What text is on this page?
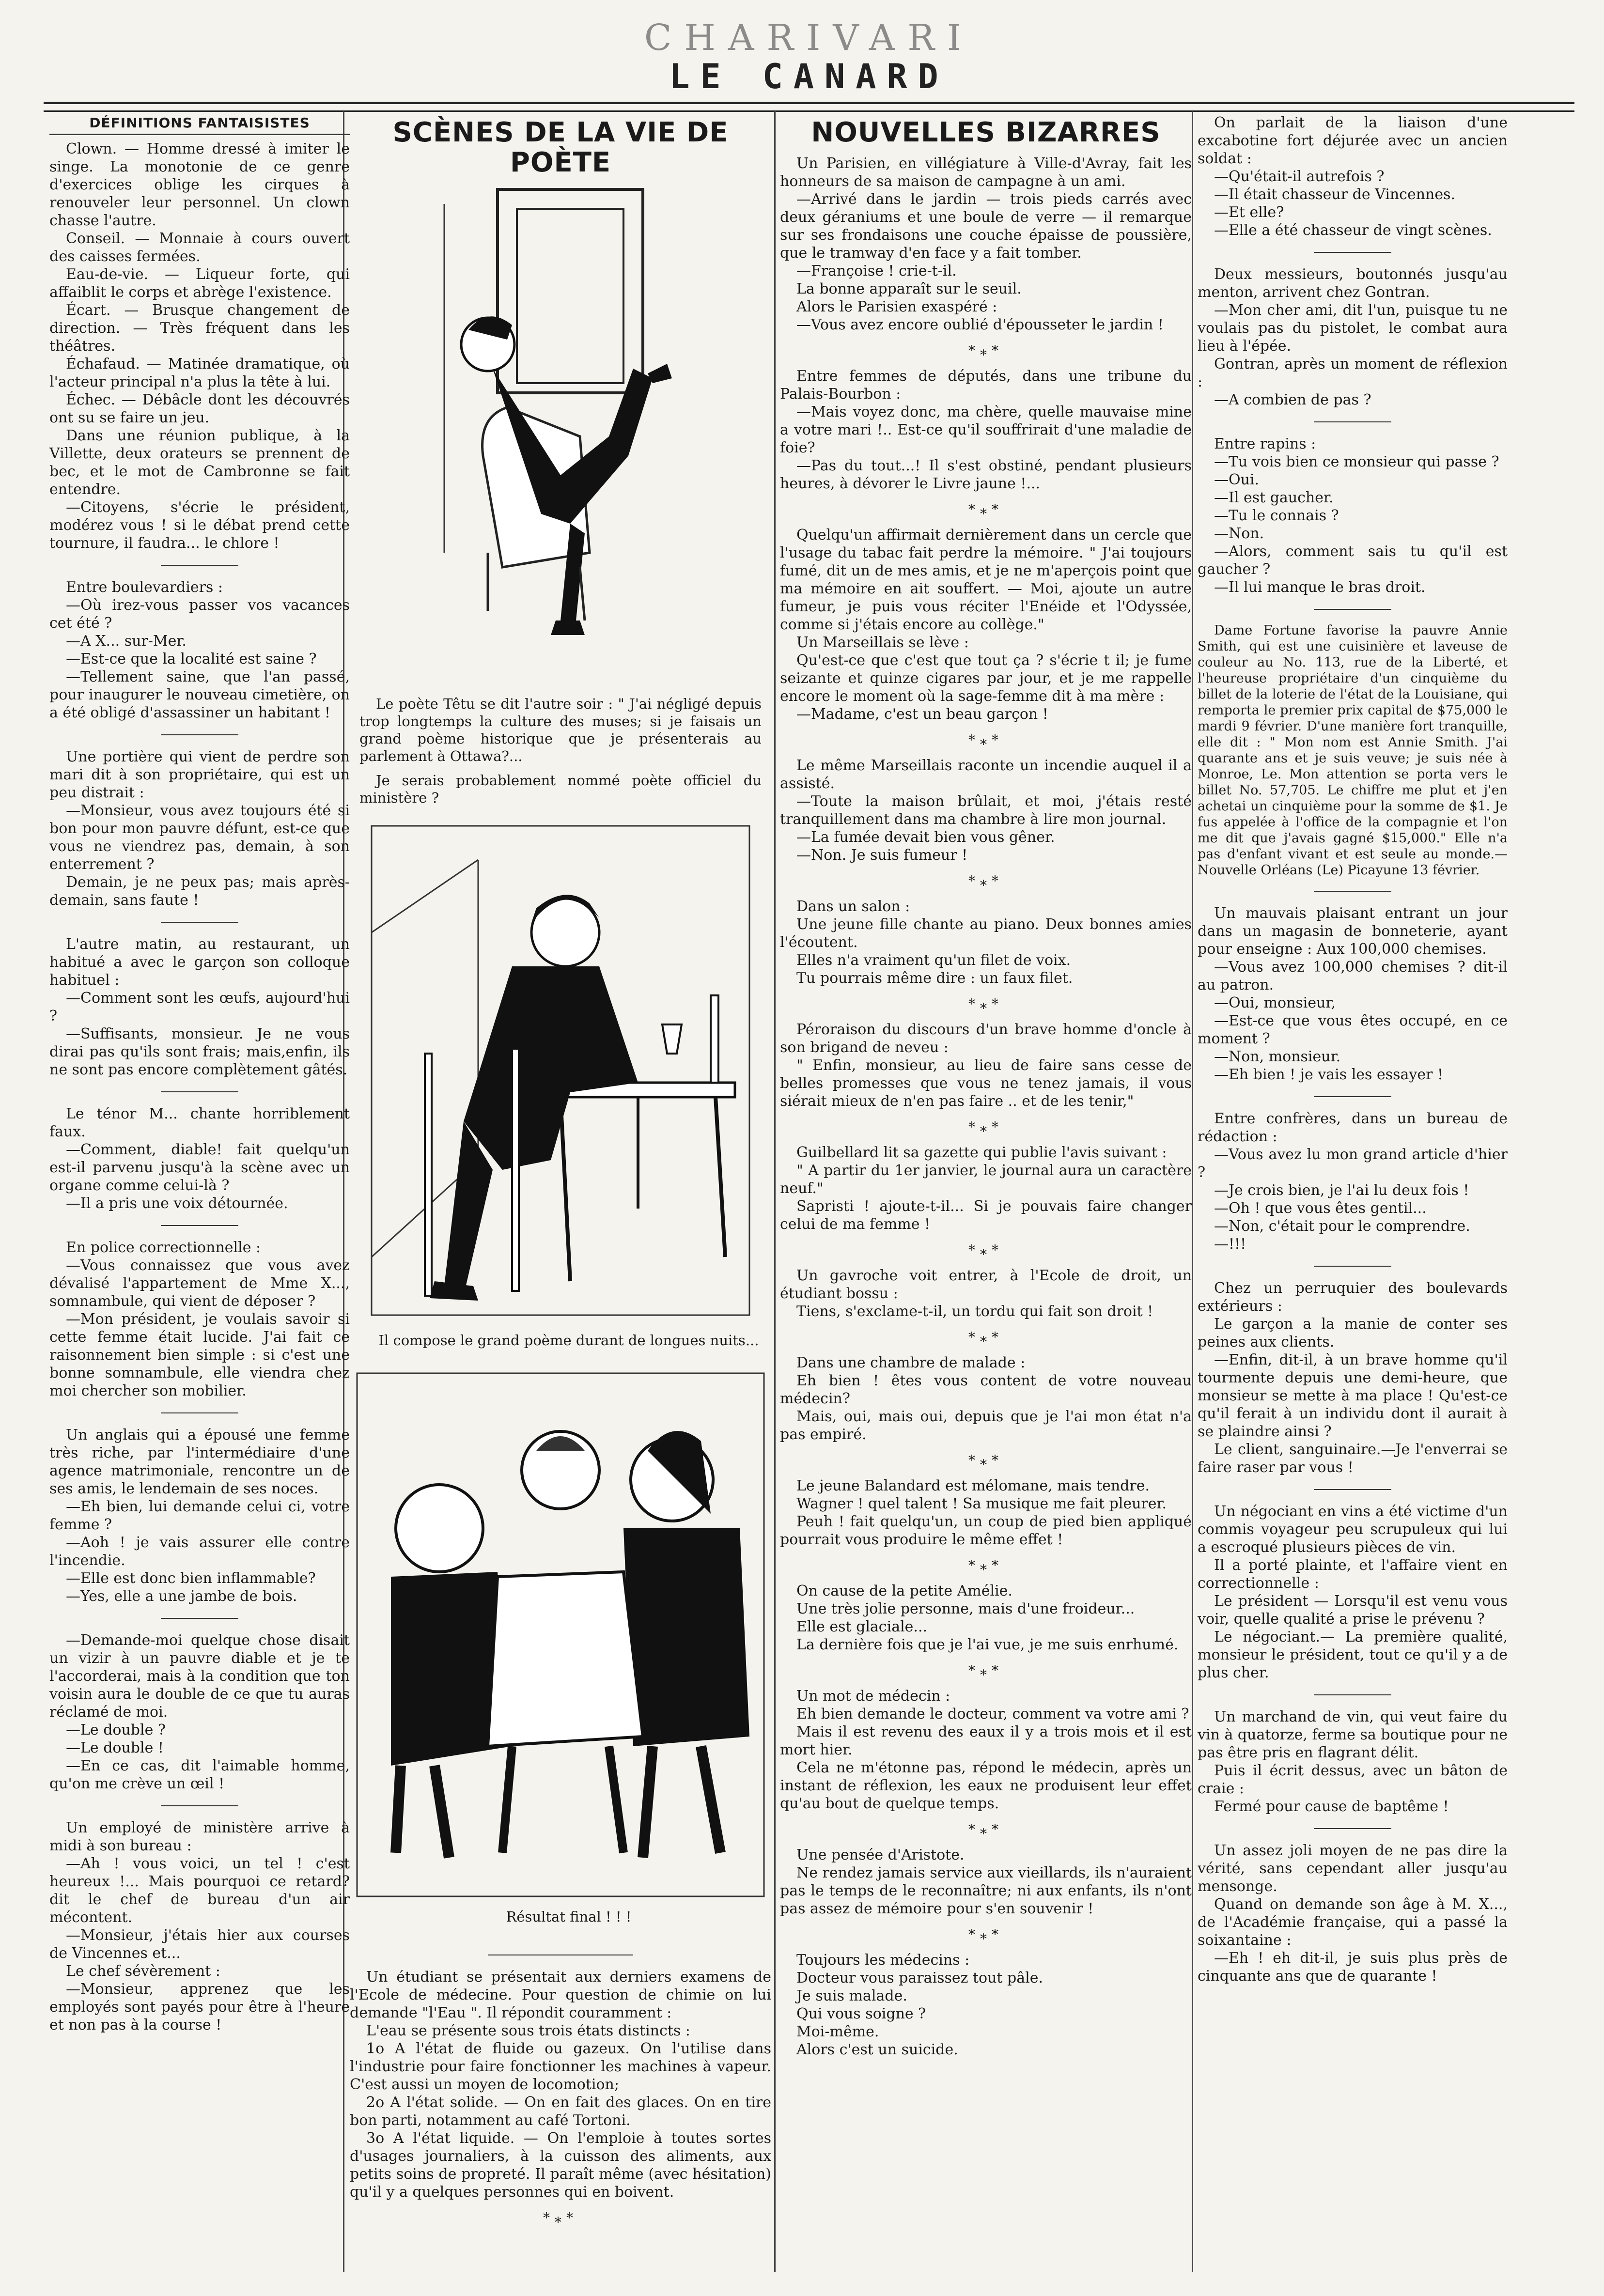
CHARIVARI
LE CANARD
DÉFINITIONS FANTAISISTES

Clown. — Homme dressé à imiter le singe. La monotonie de ce genre d'exercices oblige les cirques à renouveler leur personnel. Un clown chasse l'autre.

Conseil. — Monnaie à cours ouvert des caisses fermées.

Eau-de-vie. — Liqueur forte, qui affaiblit le corps et abrège l'existence.

Écart. — Brusque changement de direction. — Très fréquent dans les théâtres.

Échafaud. — Matinée dramatique, où l'acteur principal n'a plus la tête à lui.

Échec. — Débâcle dont les découvrés ont su se faire un jeu.

Dans une réunion publique, à la Villette, deux orateurs se prennent de bec, et le mot de Cambronne se fait entendre.

—Citoyens, s'écrie le président, modérez vous ! si le débat prend cette tournure, il faudra... le chlore !

Entre boulevardiers :

—Où irez-vous passer vos vacances cet été ?

—A X... sur-Mer.

—Est-ce que la localité est saine ?

—Tellement saine, que l'an passé, pour inaugurer le nouveau cimetière, on a été obligé d'assassiner un habitant !

Une portière qui vient de perdre son mari dit à son propriétaire, qui est un peu distrait :

—Monsieur, vous avez toujours été si bon pour mon pauvre défunt, est-ce que vous ne viendrez pas, demain, à son enterrement ?

Demain, je ne peux pas; mais après-demain, sans faute !

L'autre matin, au restaurant, un habitué a avec le garçon son colloque habituel :

—Comment sont les œufs, aujourd'hui ?

—Suffisants, monsieur. Je ne vous dirai pas qu'ils sont frais; mais,enfin, ils ne sont pas encore complètement gâtés.

Le ténor M... chante horriblement faux.

—Comment, diable! fait quelqu'un est-il parvenu jusqu'à la scène avec un organe comme celui-là ?

—Il a pris une voix détournée.

En police correctionnelle :

—Vous connaissez que vous avez dévalisé l'appartement de Mme X..., somnambule, qui vient de déposer ?

—Mon président, je voulais savoir si cette femme était lucide. J'ai fait ce raisonnement bien simple : si c'est une bonne somnambule, elle viendra chez moi chercher son mobilier.

Un anglais qui a épousé une femme très riche, par l'intermédiaire d'une agence matrimoniale, rencontre un de ses amis, le lendemain de ses noces.

—Eh bien, lui demande celui ci, votre femme ?

—Aoh ! je vais assurer elle contre l'incendie.

—Elle est donc bien inflammable?

—Yes, elle a une jambe de bois.

—Demande-moi quelque chose disait un vizir à un pauvre diable et je te l'accorderai, mais à la condition que ton voisin aura le double de ce que tu auras réclamé de moi.

—Le double ?

—Le double !

—En ce cas, dit l'aimable homme, qu'on me crève un œil !

Un employé de ministère arrive à midi à son bureau :

—Ah ! vous voici, un tel ! c'est heureux !... Mais pourquoi ce retard? dit le chef de bureau d'un air mécontent.

—Monsieur, j'étais hier aux courses de Vincennes et...

Le chef sévèrement :

—Monsieur, apprenez que les employés sont payés pour être à l'heure et non pas à la course !

SCÈNES DE LA VIE DE POÈTE

Le poète Têtu se dit l'autre soir : " J'ai négligé depuis trop longtemps la culture des muses; si je faisais un grand poème historique que je présenterais au parlement à Ottawa?...

Je serais probablement nommé poète officiel du ministère ?

Il compose le grand poème durant de longues nuits...

Résultat final ! ! !

Un étudiant se présentait aux derniers examens de l'Ecole de médecine. Pour question de chimie on lui demande "l'Eau ". Il répondit couramment :

L'eau se présente sous trois états distincts :

1o A l'état de fluide ou gazeux. On l'utilise dans l'industrie pour faire fonctionner les machines à vapeur. C'est aussi un moyen de locomotion;

2o A l'état solide. — On en fait des glaces. On en tire bon parti, notamment au café Tortoni.

3o A l'état liquide. — On l'emploie à toutes sortes d'usages journaliers, à la cuisson des aliments, aux petits soins de propreté. Il paraît même (avec hésitation) qu'il y a quelques personnes qui en boivent.

*⁎*
NOUVELLES BIZARRES

Un Parisien, en villégiature à Ville-d'Avray, fait les honneurs de sa maison de campagne à un ami.

—Arrivé dans le jardin — trois pieds carrés avec deux géraniums et une boule de verre — il remarque sur ses frondaisons une couche épaisse de poussière, que le tramway d'en face y a fait tomber.

—Françoise ! crie-t-il.

La bonne apparaît sur le seuil.

Alors le Parisien exaspéré :

—Vous avez encore oublié d'épousseter le jardin !

*⁎*

Entre femmes de députés, dans une tribune du Palais-Bourbon :

—Mais voyez donc, ma chère, quelle mauvaise mine a votre mari !.. Est-ce qu'il souffrirait d'une maladie de foie?

—Pas du tout...! Il s'est obstiné, pendant plusieurs heures, à dévorer le Livre jaune !...

*⁎*

Quelqu'un affirmait dernièrement dans un cercle que l'usage du tabac fait perdre la mémoire. " J'ai toujours fumé, dit un de mes amis, et je ne m'aperçois point que ma mémoire en ait souffert. — Moi, ajoute un autre fumeur, je puis vous réciter l'Enéide et l'Odyssée, comme si j'étais encore au collège."

Un Marseillais se lève :

Qu'est-ce que c'est que tout ça ? s'écrie t il; je fume seizante et quinze cigares par jour, et je me rappelle encore le moment où la sage-femme dit à ma mère :

—Madame, c'est un beau garçon !

*⁎*

Le même Marseillais raconte un incendie auquel il a assisté.

—Toute la maison brûlait, et moi, j'étais resté tranquillement dans ma chambre à lire mon journal.

—La fumée devait bien vous gêner.

—Non. Je suis fumeur !

*⁎*

Dans un salon :

Une jeune fille chante au piano. Deux bonnes amies l'écoutent.

Elles n'a vraiment qu'un filet de voix.

Tu pourrais même dire : un faux filet.

*⁎*

Péroraison du discours d'un brave homme d'oncle à son brigand de neveu :

" Enfin, monsieur, au lieu de faire sans cesse de belles promesses que vous ne tenez jamais, il vous siérait mieux de n'en pas faire .. et de les tenir,"

*⁎*

Guilbellard lit sa gazette qui publie l'avis suivant :

" A partir du 1er janvier, le journal aura un caractère neuf."

Sapristi ! ajoute-t-il... Si je pouvais faire changer celui de ma femme !

*⁎*

Un gavroche voit entrer, à l'Ecole de droit, un étudiant bossu :

Tiens, s'exclame-t-il, un tordu qui fait son droit !

*⁎*

Dans une chambre de malade :

Eh bien ! êtes vous content de votre nouveau médecin?

Mais, oui, mais oui, depuis que je l'ai mon état n'a pas empiré.

*⁎*

Le jeune Balandard est mélomane, mais tendre.

Wagner ! quel talent ! Sa musique me fait pleurer.

Peuh ! fait quelqu'un, un coup de pied bien appliqué pourrait vous produire le même effet !

*⁎*

On cause de la petite Amélie.

Une très jolie personne, mais d'une froideur...

Elle est glaciale...

La dernière fois que je l'ai vue, je me suis enrhumé.

*⁎*

Un mot de médecin :

Eh bien demande le docteur, comment va votre ami ?

Mais il est revenu des eaux il y a trois mois et il est mort hier.

Cela ne m'étonne pas, répond le médecin, après un instant de réflexion, les eaux ne produisent leur effet qu'au bout de quelque temps.

*⁎*

Une pensée d'Aristote.

Ne rendez jamais service aux vieillards, ils n'auraient pas le temps de le reconnaître; ni aux enfants, ils n'ont pas assez de mémoire pour s'en souvenir !

*⁎*

Toujours les médecins :

Docteur vous paraissez tout pâle.

Je suis malade.

Qui vous soigne ?

Moi-même.

Alors c'est un suicide.

On parlait de la liaison d'une excabotine fort déjurée avec un ancien soldat :

—Qu'était-il autrefois ?

—Il était chasseur de Vincennes.

—Et elle?

—Elle a été chasseur de vingt scènes.

Deux messieurs, boutonnés jusqu'au menton, arrivent chez Gontran.

—Mon cher ami, dit l'un, puisque tu ne voulais pas du pistolet, le combat aura lieu à l'épée.

Gontran, après un moment de réflexion :

—A combien de pas ?

Entre rapins :

—Tu vois bien ce monsieur qui passe ?

—Oui.

—Il est gaucher.

—Tu le connais ?

—Non.

—Alors, comment sais tu qu'il est gaucher ?

—Il lui manque le bras droit.

Dame Fortune favorise la pauvre Annie Smith, qui est une cuisinière et laveuse de couleur au No. 113, rue de la Liberté, et l'heureuse propriétaire d'un cinquième du billet de la loterie de l'état de la Louisiane, qui remporta le premier prix capital de $75,000 le mardi 9 février. D'une manière fort tranquille, elle dit : " Mon nom est Annie Smith. J'ai quarante ans et je suis veuve; je suis née à Monroe, Le. Mon attention se porta vers le billet No. 57,705. Le chiffre me plut et j'en achetai un cinquième pour la somme de $1. Je fus appelée à l'office de la compagnie et l'on me dit que j'avais gagné $15,000." Elle n'a pas d'enfant vivant et est seule au monde.—Nouvelle Orléans (Le) Picayune 13 février.

Un mauvais plaisant entrant un jour dans un magasin de bonneterie, ayant pour enseigne : Aux 100,000 chemises.

—Vous avez 100,000 chemises ? dit-il au patron.

—Oui, monsieur,

—Est-ce que vous êtes occupé, en ce moment ?

—Non, monsieur.

—Eh bien ! je vais les essayer !

Entre confrères, dans un bureau de rédaction :

—Vous avez lu mon grand article d'hier ?

—Je crois bien, je l'ai lu deux fois !

—Oh ! que vous êtes gentil...

—Non, c'était pour le comprendre.

—!!!

Chez un perruquier des boulevards extérieurs :

Le garçon a la manie de conter ses peines aux clients.

—Enfin, dit-il, à un brave homme qu'il tourmente depuis une demi-heure, que monsieur se mette à ma place ! Qu'est-ce qu'il ferait à un individu dont il aurait à se plaindre ainsi ?

Le client, sanguinaire.—Je l'enverrai se faire raser par vous !

Un négociant en vins a été victime d'un commis voyageur peu scrupuleux qui lui a escroqué plusieurs pièces de vin.

Il a porté plainte, et l'affaire vient en correctionnelle :

Le président — Lorsqu'il est venu vous voir, quelle qualité a prise le prévenu ?

Le négociant.— La première qualité, monsieur le président, tout ce qu'il y a de plus cher.

Un marchand de vin, qui veut faire du vin à quatorze, ferme sa boutique pour ne pas être pris en flagrant délit.

Puis il écrit dessus, avec un bâton de craie :

Fermé pour cause de baptême !

Un assez joli moyen de ne pas dire la vérité, sans cependant aller jusqu'au mensonge.

Quand on demande son âge à M. X..., de l'Académie française, qui a passé la soixantaine :

—Eh ! eh dit-il, je suis plus près de cinquante ans que de quarante !
